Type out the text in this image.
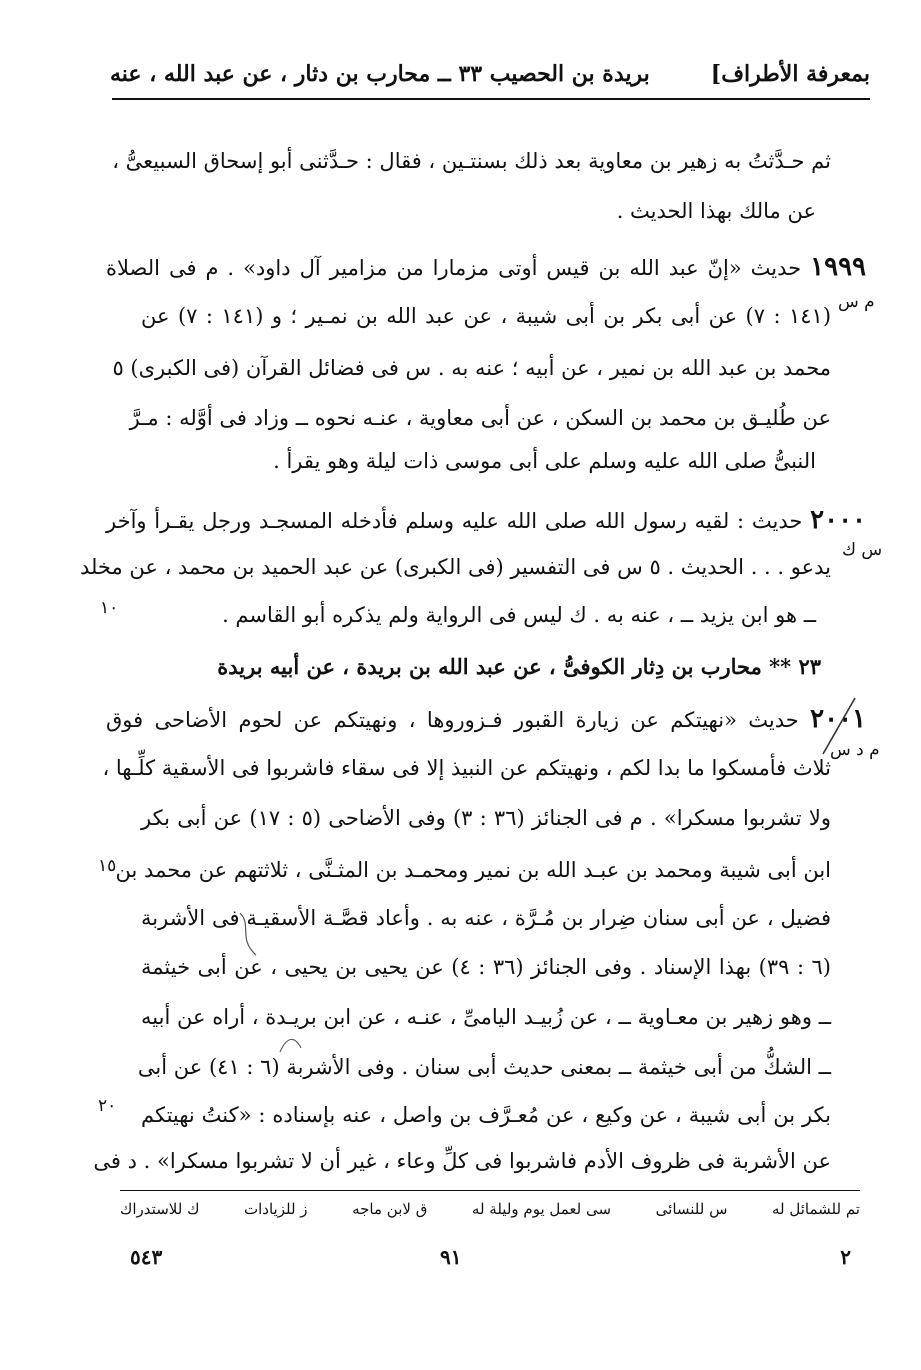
بمعرفة الأطراف]
بريدة بن الحصيب ٣٣ ــ محارب بن دثار ، عن عبد الله ، عنه
ثم حـدَّثتُ به زهير بن معاوية بعد ذلك بسنتـين ، فقال : حـدَّثنى أبو إسحاق السبيعىُّ ،
عن مالك بهذا الحديث .
١٩٩٩ حديث «إنّ عبد الله بن قيس أوتى مزمارا من مزامير آل داود» . م فى الصلاة
(١٤١ : ٧) عن أبى بكر بن أبى شيبة ، عن عبد الله بن نمـير ؛ و (١٤١ : ٧) عن
محمد بن عبد الله بن نمير ، عن أبيه ؛ عنه به . س فى فضائل القرآن (فى الكبرى) ٥
عن طُليـق بن محمد بن السكن ، عن أبى معاوية ، عنـه نحوه ــ وزاد فى أوَّله : مـرَّ
النبىُّ صلى الله عليه وسلم على أبى موسى ذات ليلة وهو يقرأ .
٢٠٠٠ حديث : لقيه رسول الله صلى الله عليه وسلم فأدخله المسجـد ورجل يقـرأ وآخر
يدعو . . . الحديث . ٥ س فى التفسير (فى الكبرى) عن عبد الحميد بن محمد ، عن مخلد
ــ هو ابن يزيد ــ ، عنه به . ك ليس فى الرواية ولم يذكره أبو القاسم .
٢٣ ** محارب بن دِثار الكوفىُّ ، عن عبد الله بن بريدة ، عن أبيه بريدة
٢٠٠١ حديث «نهيتكم عن زيارة القبور فـزوروها ، ونهيتكم عن لحوم الأضاحى فوق
ثلاث فأمسكوا ما بدا لكم ، ونهيتكم عن النبيذ إلا فى سقاء فاشربوا فى الأسقية كلِّـها ،
ولا تشربوا مسكرا» . م فى الجنائز (٣٦ : ٣) وفى الأضاحى (٥ : ١٧) عن أبى بكر
ابن أبى شيبة ومحمد بن عبـد الله بن نمير ومحمـد بن المثـنَّى ، ثلاثتهم عن محمد بن
فضيل ، عن أبى سنان ضِرار بن مُـرَّة ، عنه به . وأعاد قصَّـة الأسقيـة فى الأشربة
(٦ : ٣٩) بهذا الإسناد . وفى الجنائز (٣٦ : ٤) عن يحيى بن يحيى ، عن أبى خيثمة
ــ وهو زهير بن معـاوية ــ ، عن زُبيـد اليامىِّ ، عنـه ، عن ابن بريـدة ، أراه عن أبيه
ــ الشكُّ من أبى خيثمة ــ بمعنى حديث أبى سنان . وفى الأشربة (٦ : ٤١) عن أبى
بكر بن أبى شيبة ، عن وكيع ، عن مُعـرَّف بن واصل ، عنه بإسناده : «كنتُ نهيتكم
عن الأشربة فى ظروف الأدم فاشربوا فى كلِّ وعاء ، غير أن لا تشربوا مسكرا» . د فى
م س
س ك
م د س
١٠
١٥
٢٠
تم للشمائل له
س للنسائى
سى لعمل يوم وليلة له
ق لابن ماجه
ز للزيادات
ك للاستدراك
٢
٩١
٥٤٣
